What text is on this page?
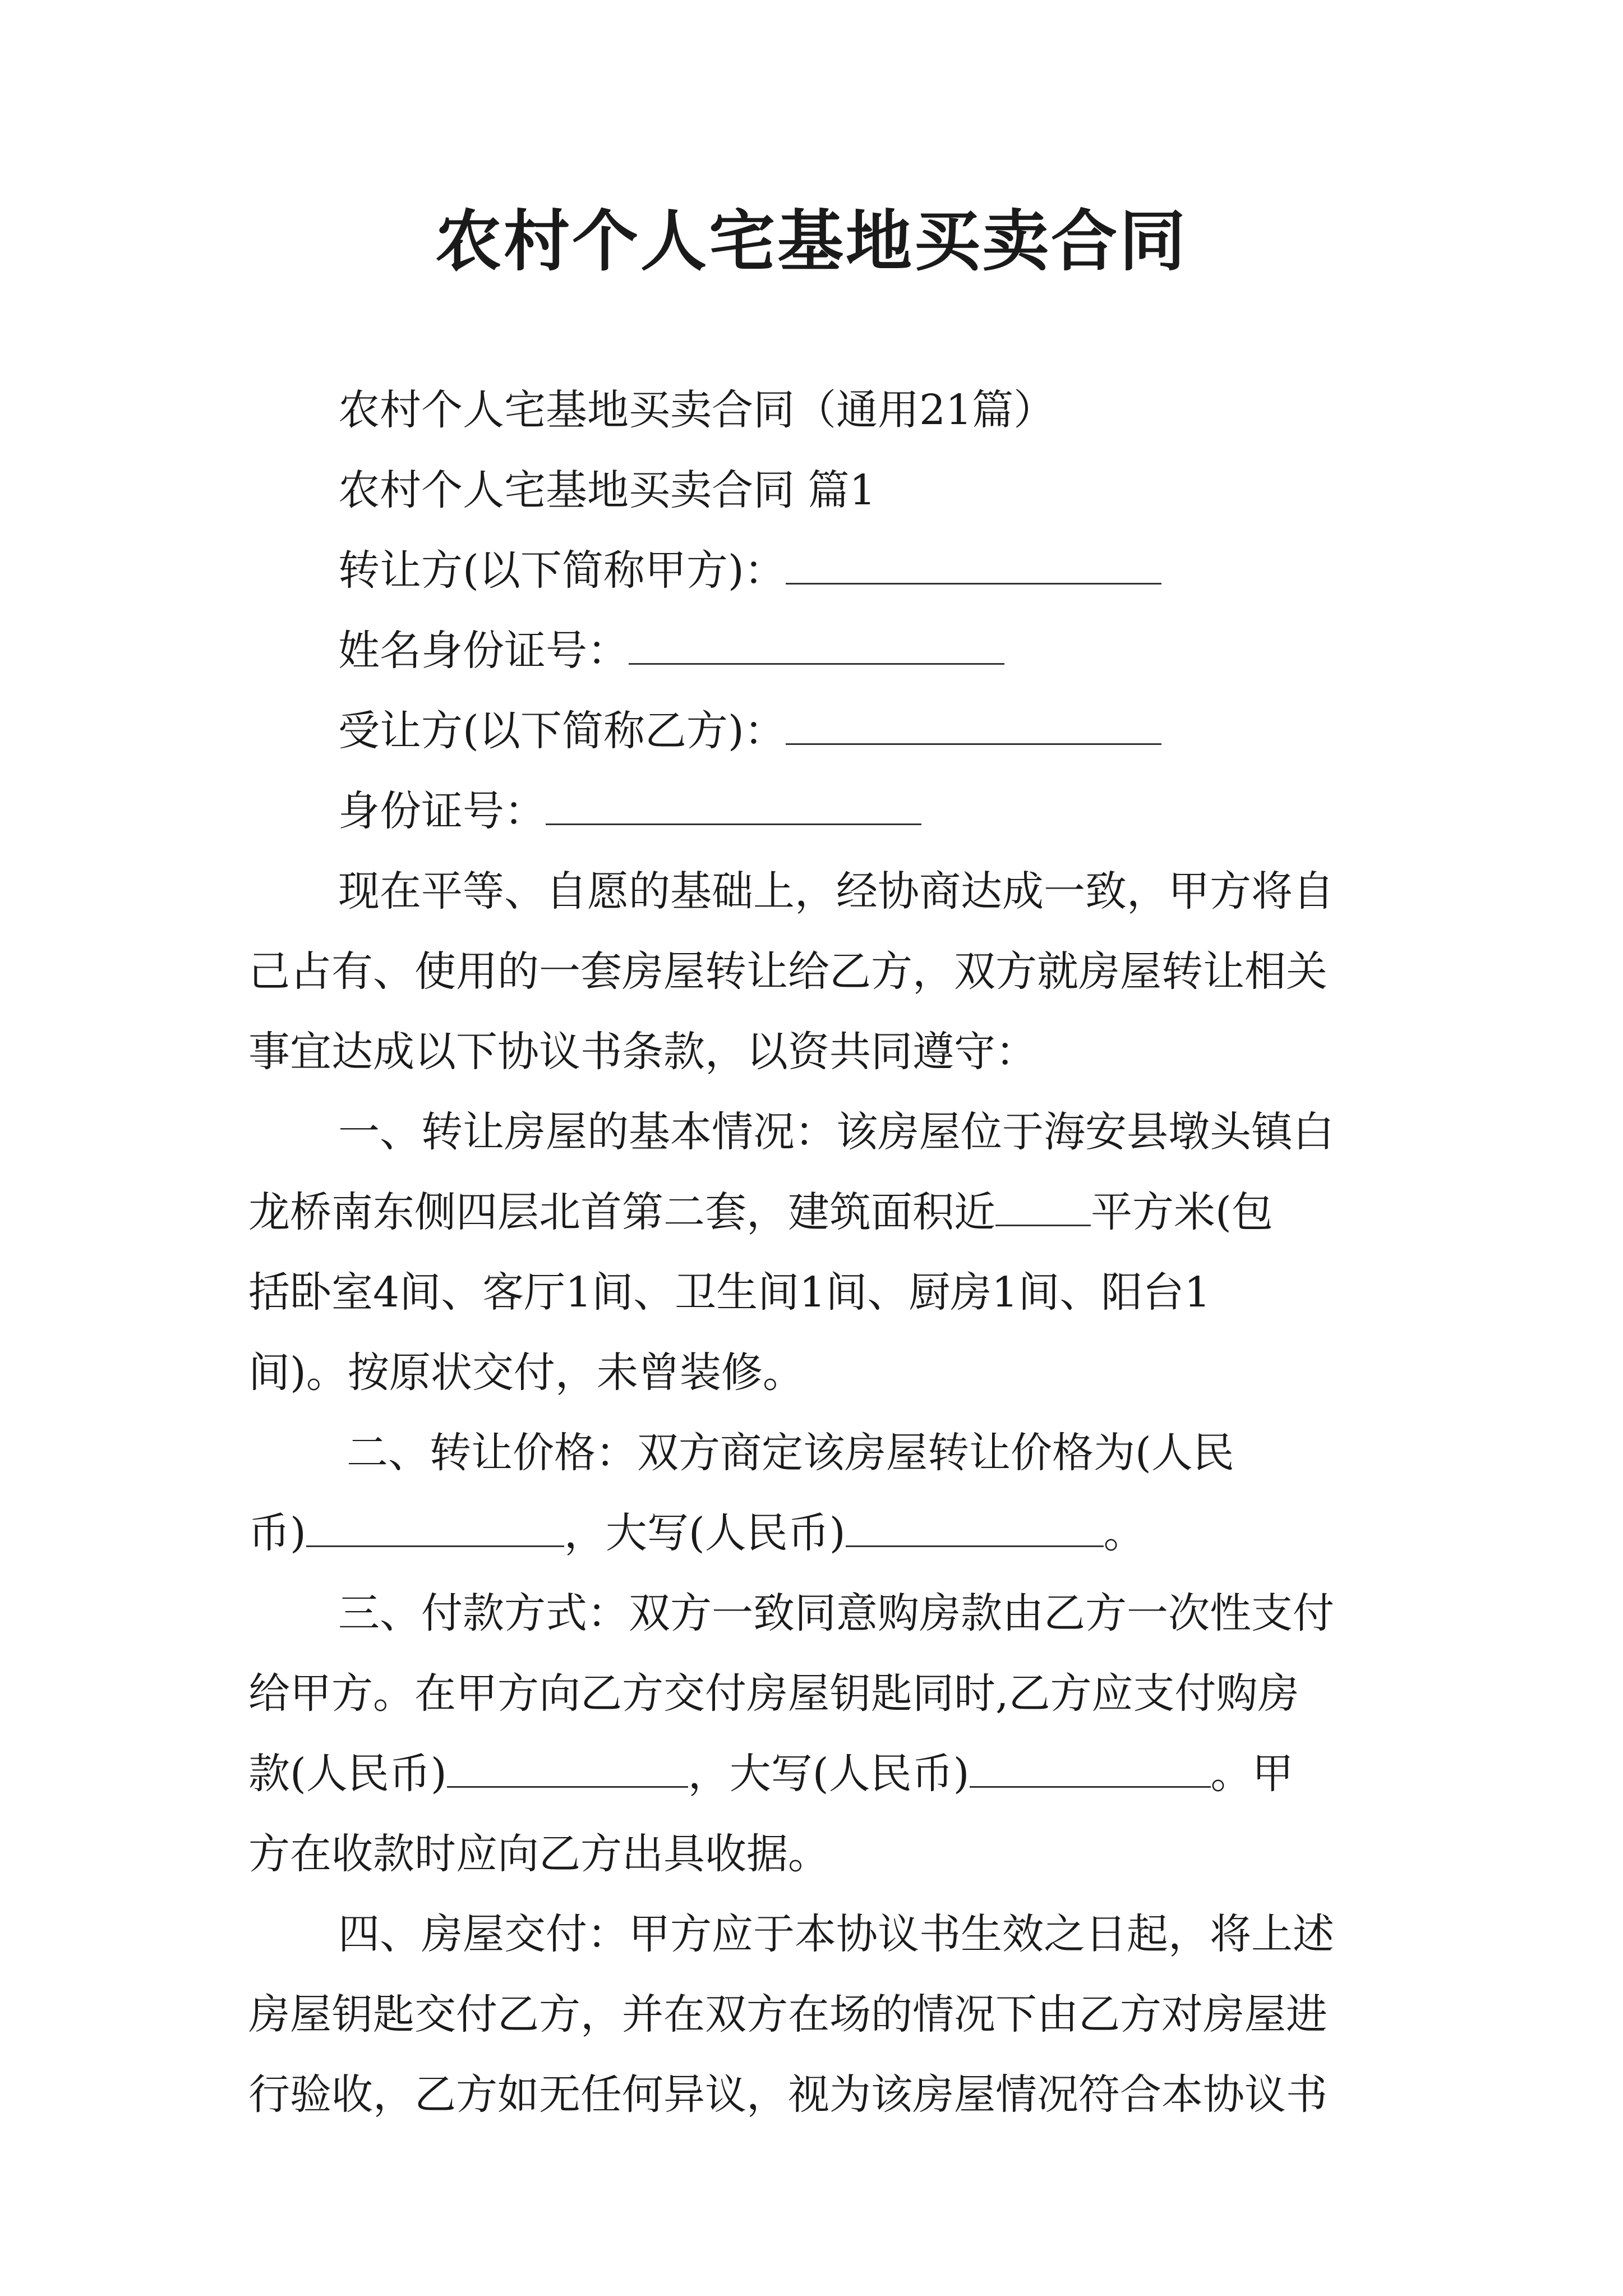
农村个人宅基地买卖合同
农村个人宅基地买卖合同（通用21篇）
农村个人宅基地买卖合同 篇1
转让方(以下简称甲方)：
姓名身份证号：
受让方(以下简称乙方)：
身份证号：
现在平等、自愿的基础上，经协商达成一致，甲方将自
己占有、使用的一套房屋转让给乙方，双方就房屋转让相关
事宜达成以下协议书条款，以资共同遵守：
一、转让房屋的基本情况：该房屋位于海安县墩头镇白
龙桥南东侧四层北首第二套，建筑面积近 平方米(包
括卧室4间、客厅1间、卫生间1间、厨房1间、阳台1
间)。按原状交付，未曾装修。
二、转让价格：双方商定该房屋转让价格为(人民
币)	，大写(人民币)	。
三、付款方式：双方一致同意购房款由乙方一次性支付
给甲方。在甲方向乙方交付房屋钥匙同时,乙方应支付购房
款(人民币)	，大写(人民币)	。甲
方在收款时应向乙方出具收据。
四、房屋交付：甲方应于本协议书生效之日起，将上述
房屋钥匙交付乙方，并在双方在场的情况下由乙方对房屋进
行验收，乙方如无任何异议，视为该房屋情况符合本协议书
